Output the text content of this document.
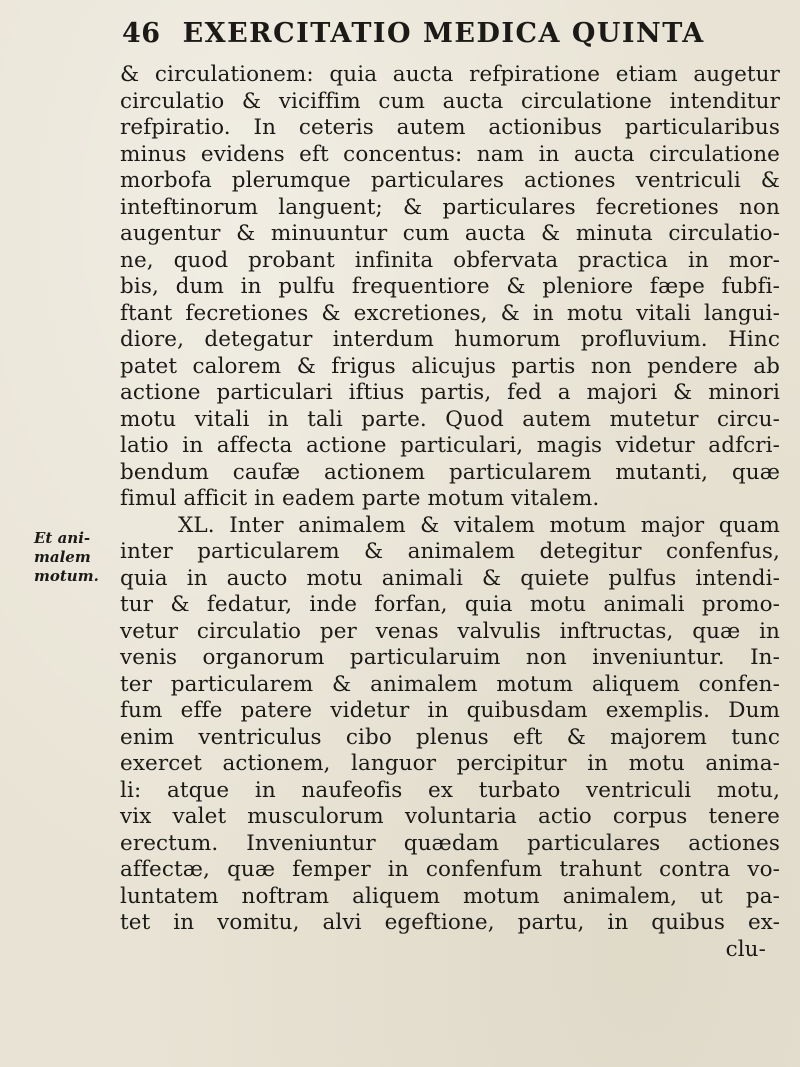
46 EXERCITATIO MEDICA QUINTA
Et ani-
malem
motum.
& circulationem: quia aucta refpiratione etiam augetur
circulatio & viciffim cum aucta circulatione intenditur
refpiratio. In ceteris autem actionibus particularibus
minus evidens eft concentus: nam in aucta circulatione
morbofa plerumque particulares actiones ventriculi &
inteftinorum languent; & particulares fecretiones non
augentur & minuuntur cum aucta & minuta circulatio-
ne, quod probant infinita obfervata practica in mor-
bis, dum in pulfu frequentiore & pleniore fæpe fubfi-
ftant fecretiones & excretiones, & in motu vitali langui-
diore, detegatur interdum humorum profluvium. Hinc
patet calorem & frigus alicujus partis non pendere ab
actione particulari iftius partis, fed a majori & minori
motu vitali in tali parte. Quod autem mutetur circu-
latio in affecta actione particulari, magis videtur adfcri-
bendum caufæ actionem particularem mutanti, quæ
fimul afficit in eadem parte motum vitalem.
XL. Inter animalem & vitalem motum major quam
inter particularem & animalem detegitur confenfus,
quia in aucto motu animali & quiete pulfus intendi-
tur & fedatur, inde forfan, quia motu animali promo-
vetur circulatio per venas valvulis inftructas, quæ in
venis organorum particularuim non inveniuntur. In-
ter particularem & animalem motum aliquem confen-
fum effe patere videtur in quibusdam exemplis. Dum
enim ventriculus cibo plenus eft & majorem tunc
exercet actionem, languor percipitur in motu anima-
li: atque in naufeofis ex turbato ventriculi motu,
vix valet musculorum voluntaria actio corpus tenere
erectum. Inveniuntur quædam particulares actiones
affectæ, quæ femper in confenfum trahunt contra vo-
luntatem noftram aliquem motum animalem, ut pa-
tet in vomitu, alvi egeftione, partu, in quibus ex-
clu-
